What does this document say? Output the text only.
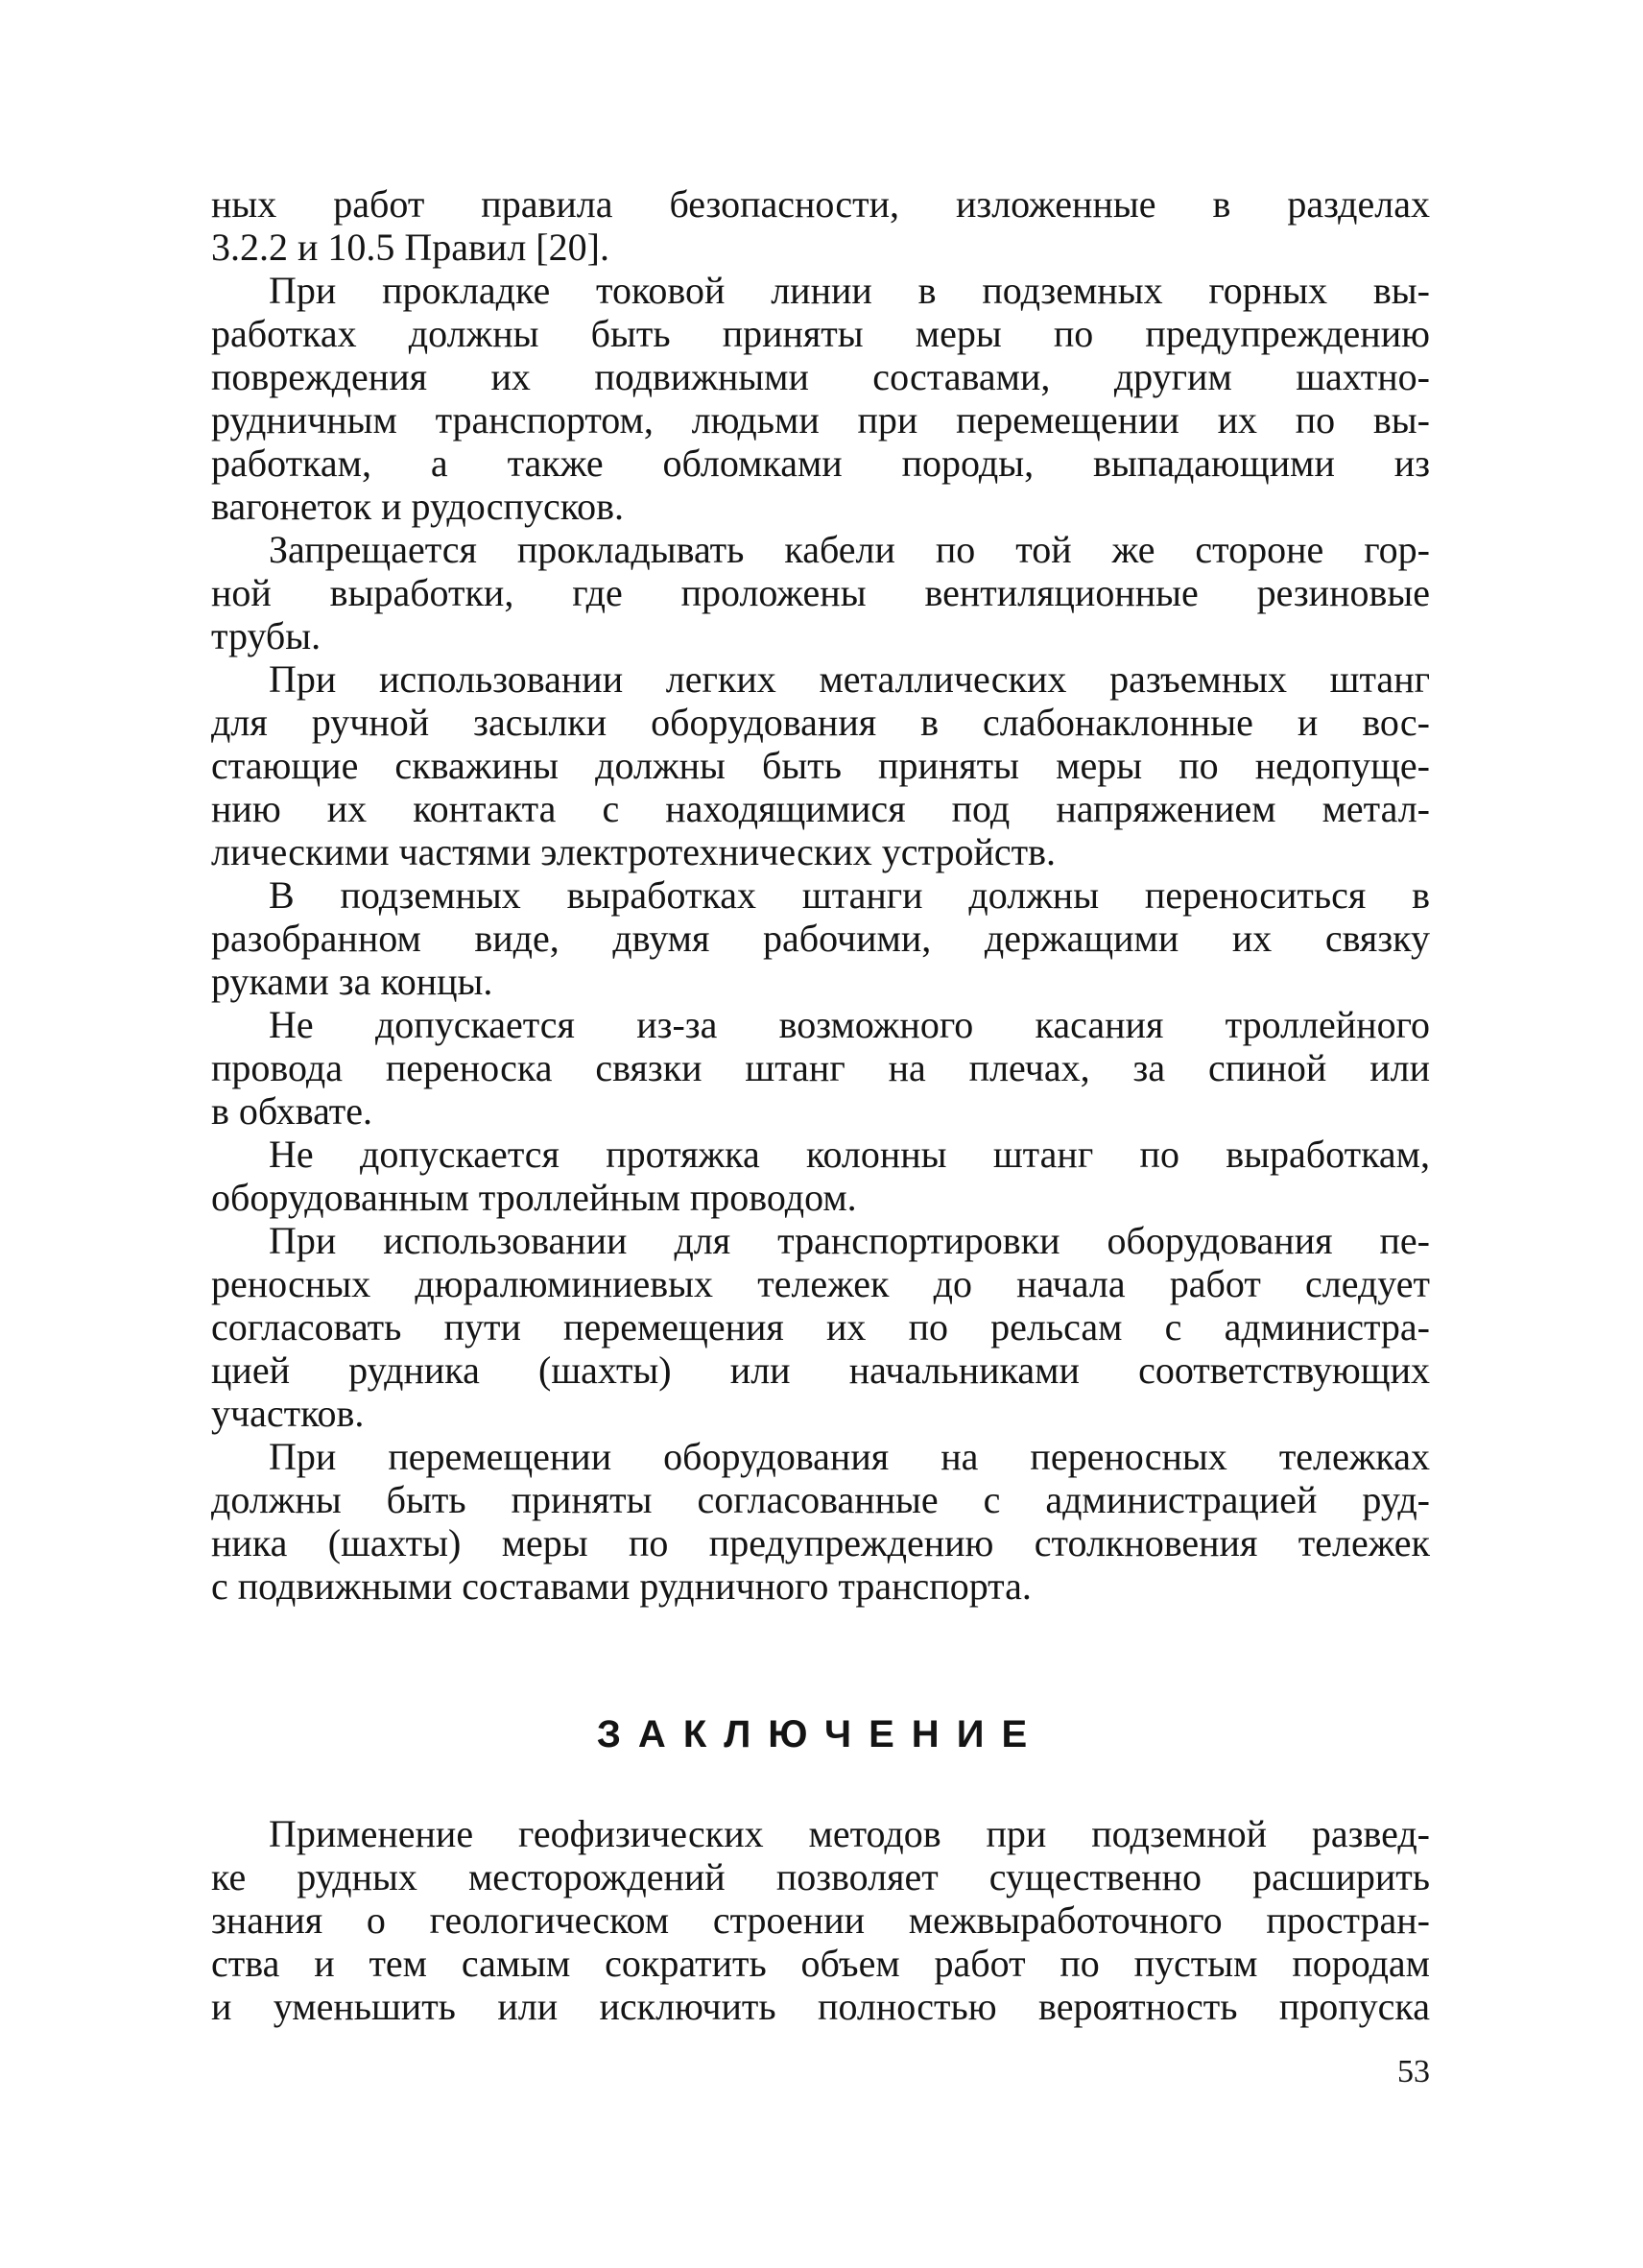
ных работ правила безопасности, изложенные в разделах
3.2.2 и 10.5 Правил [20].
При прокладке токовой линии в подземных горных вы-
работках должны быть приняты меры по предупреждению
повреждения их подвижными составами, другим шахтно-
рудничным транспортом, людьми при перемещении их по вы-
работкам, а также обломками породы, выпадающими из
вагонеток и рудоспусков.
Запрещается прокладывать кабели по той же стороне гор-
ной выработки, где проложены вентиляционные резиновые
трубы.
При использовании легких металлических разъемных штанг
для ручной засылки оборудования в слабонаклонные и вос-
стающие скважины должны быть приняты меры по недопуще-
нию их контакта с находящимися под напряжением метал-
лическими частями электротехнических устройств.
В подземных выработках штанги должны переноситься в
разобранном виде, двумя рабочими, держащими их связку
руками за концы.
Не допускается из-за возможного касания троллейного
провода переноска связки штанг на плечах, за спиной или
в обхвате.
Не допускается протяжка колонны штанг по выработкам,
оборудованным троллейным проводом.
При использовании для транспортировки оборудования пе-
реносных дюралюминиевых тележек до начала работ следует
согласовать пути перемещения их по рельсам с администра-
цией рудника (шахты) или начальниками соответствующих
участков.
При перемещении оборудования на переносных тележках
должны быть приняты согласованные с администрацией руд-
ника (шахты) меры по предупреждению столкновения тележек
с подвижными составами рудничного транспорта.
ЗАКЛЮЧЕНИЕ
Применение геофизических методов при подземной развед-
ке рудных месторождений позволяет существенно расширить
знания о геологическом строении межвыработочного простран-
ства и тем самым сократить объем работ по пустым породам
и уменьшить или исключить полностью вероятность пропуска
53
